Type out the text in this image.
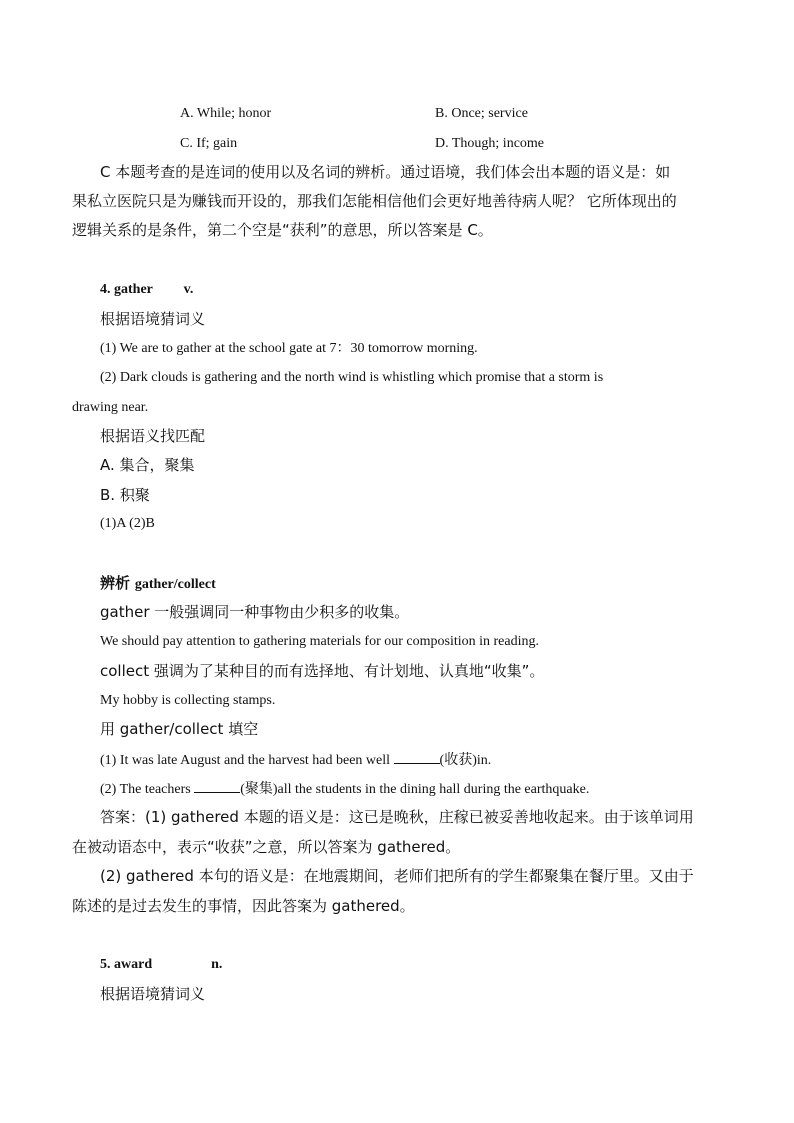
A. While; honor	B. Once; service
C. If; gain	D. Though; income
C 本题考查的是连词的使用以及名词的辨析。通过语境，我们体会出本题的语义是：如
果私立医院只是为赚钱而开设的，那我们怎能相信他们会更好地善待病人呢？ 它所体现出的
逻辑关系的是条件，第二个空是“获利”的意思，所以答案是 C。
4. gather v.
根据语境猜词义
(1) We are to gather at the school gate at 7：30 tomorrow morning.
(2) Dark clouds is gathering and the north wind is whistling which promise that a storm is
drawing near.
根据语义找匹配
A. 集合，聚集
B. 积聚
(1)A (2)B
辨析 gather/collect
gather 一般强调同一种事物由少积多的收集。
We should pay attention to gathering materials for our composition in reading.
collect 强调为了某种目的而有选择地、有计划地、认真地“收集”。
My hobby is collecting stamps.
用 gather/collect 填空
(1) It was late August and the harvest had been well	(收获)in.
(2) The teachers	(聚集)all the students in the dining hall during the earthquake.
答案：(1) gathered 本题的语义是：这已是晚秋，庄稼已被妥善地收起来。由于该单词用
在被动语态中，表示“收获”之意，所以答案为 gathered。
(2) gathered 本句的语义是：在地震期间，老师们把所有的学生都聚集在餐厅里。又由于
陈述的是过去发生的事情，因此答案为 gathered。
5. award	n.
根据语境猜词义
